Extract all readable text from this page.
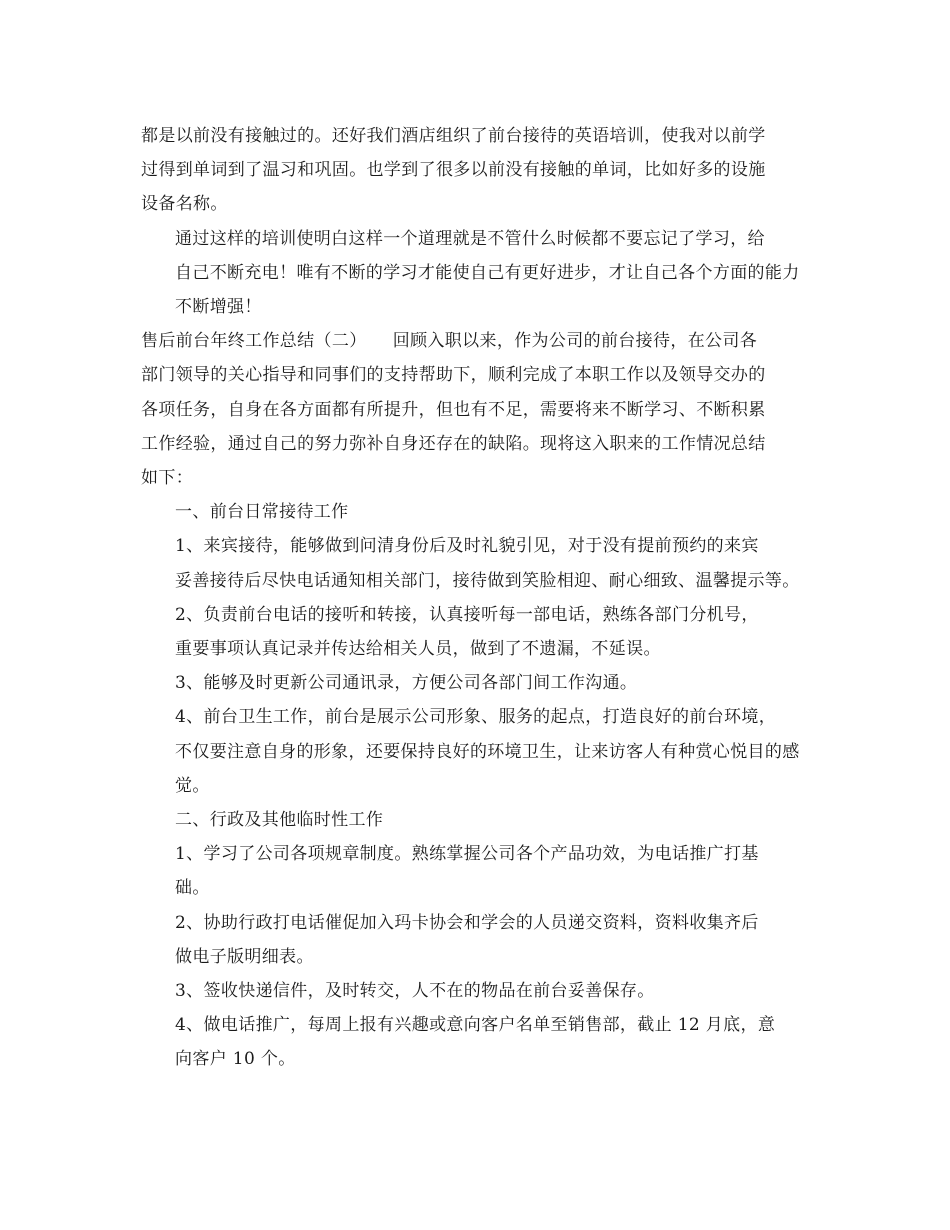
都是以前没有接触过的。还好我们酒店组织了前台接待的英语培训，使我对以前学
过得到单词到了温习和巩固。也学到了很多以前没有接触的单词，比如好多的设施
设备名称。

通过这样的培训使明白这样一个道理就是不管什么时候都不要忘记了学习，给
自己不断充电！唯有不断的学习才能使自己有更好进步，才让自己各个方面的能力
不断增强！

售后前台年终工作总结（二）　　回顾入职以来，作为公司的前台接待，在公司各
部门领导的关心指导和同事们的支持帮助下，顺利完成了本职工作以及领导交办的
各项任务，自身在各方面都有所提升，但也有不足，需要将来不断学习、不断积累
工作经验，通过自己的努力弥补自身还存在的缺陷。现将这入职来的工作情况总结
如下：

一、前台日常接待工作

1、来宾接待，能够做到问清身份后及时礼貌引见，对于没有提前预约的来宾
妥善接待后尽快电话通知相关部门，接待做到笑脸相迎、耐心细致、温馨提示等。

2、负责前台电话的接听和转接，认真接听每一部电话，熟练各部门分机号，
重要事项认真记录并传达给相关人员，做到了不遗漏，不延误。

3、能够及时更新公司通讯录，方便公司各部门间工作沟通。

4、前台卫生工作，前台是展示公司形象、服务的起点，打造良好的前台环境，
不仅要注意自身的形象，还要保持良好的环境卫生，让来访客人有种赏心悦目的感
觉。

二、行政及其他临时性工作

1、学习了公司各项规章制度。熟练掌握公司各个产品功效，为电话推广打基
础。

2、协助行政打电话催促加入玛卡协会和学会的人员递交资料，资料收集齐后
做电子版明细表。

3、签收快递信件，及时转交，人不在的物品在前台妥善保存。

4、做电话推广，每周上报有兴趣或意向客户名单至销售部，截止 12 月底，意
向客户 10 个。
